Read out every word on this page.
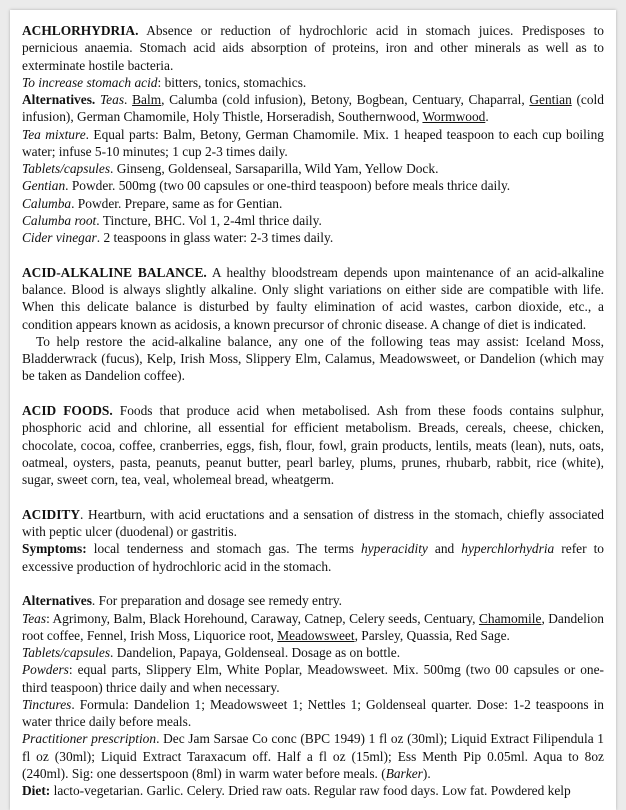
ACHLORHYDRIA. Absence or reduction of hydrochloric acid in stomach juices. Predisposes to pernicious anaemia. Stomach acid aids absorption of proteins, iron and other minerals as well as to exterminate hostile bacteria.

To increase stomach acid: bitters, tonics, stomachics.

Alternatives. Teas. Balm, Calumba (cold infusion), Betony, Bogbean, Centuary, Chaparral, Gentian (cold infusion), German Chamomile, Holy Thistle, Horseradish, Southernwood, Wormwood.

Tea mixture. Equal parts: Balm, Betony, German Chamomile. Mix. 1 heaped teaspoon to each cup boiling water; infuse 5-10 minutes; 1 cup 2-3 times daily.

Tablets/capsules. Ginseng, Goldenseal, Sarsaparilla, Wild Yam, Yellow Dock.

Gentian. Powder. 500mg (two 00 capsules or one-third teaspoon) before meals thrice daily.

Calumba. Powder. Prepare, same as for Gentian.

Calumba root. Tincture, BHC. Vol 1, 2-4ml thrice daily.

Cider vinegar. 2 teaspoons in glass water: 2-3 times daily.

ACID-ALKALINE BALANCE. A healthy bloodstream depends upon maintenance of an acid-alkaline balance. Blood is always slightly alkaline. Only slight variations on either side are compatible with life. When this delicate balance is disturbed by faulty elimination of acid wastes, carbon dioxide, etc., a condition appears known as acidosis, a known precursor of chronic disease. A change of diet is indicated.

To help restore the acid-alkaline balance, any one of the following teas may assist: Iceland Moss, Bladderwrack (fucus), Kelp, Irish Moss, Slippery Elm, Calamus, Meadowsweet, or Dandelion (which may be taken as Dandelion coffee).

ACID FOODS. Foods that produce acid when metabolised. Ash from these foods contains sulphur, phosphoric acid and chlorine, all essential for efficient metabolism. Breads, cereals, cheese, chicken, chocolate, cocoa, coffee, cranberries, eggs, fish, flour, fowl, grain products, lentils, meats (lean), nuts, oats, oatmeal, oysters, pasta, peanuts, peanut butter, pearl barley, plums, prunes, rhubarb, rabbit, rice (white), sugar, sweet corn, tea, veal, wholemeal bread, wheatgerm.

ACIDITY. Heartburn, with acid eructations and a sensation of distress in the stomach, chiefly associated with peptic ulcer (duodenal) or gastritis.

Symptoms: local tenderness and stomach gas. The terms hyperacidity and hyperchlorhydria refer to excessive production of hydrochloric acid in the stomach.

Alternatives. For preparation and dosage see remedy entry.

Teas: Agrimony, Balm, Black Horehound, Caraway, Catnep, Celery seeds, Centuary, Chamomile, Dandelion root coffee, Fennel, Irish Moss, Liquorice root, Meadowsweet, Parsley, Quassia, Red Sage.

Tablets/capsules. Dandelion, Papaya, Goldenseal. Dosage as on bottle.

Powders: equal parts, Slippery Elm, White Poplar, Meadowsweet. Mix. 500mg (two 00 capsules or one-third teaspoon) thrice daily and when necessary.

Tinctures. Formula: Dandelion 1; Meadowsweet 1; Nettles 1; Goldenseal quarter. Dose: 1-2 teaspoons in water thrice daily before meals.

Practitioner prescription. Dec Jam Sarsae Co conc (BPC 1949) 1 fl oz (30ml); Liquid Extract Filipendula 1 fl oz (30ml); Liquid Extract Taraxacum off. Half a fl oz (15ml); Ess Menth Pip 0.05ml. Aqua to 8oz (240ml). Sig: one dessertspoon (8ml) in warm water before meals. (Barker).

Diet: lacto-vegetarian. Garlic. Celery. Dried raw oats. Regular raw food days. Low fat. Powdered kelp
